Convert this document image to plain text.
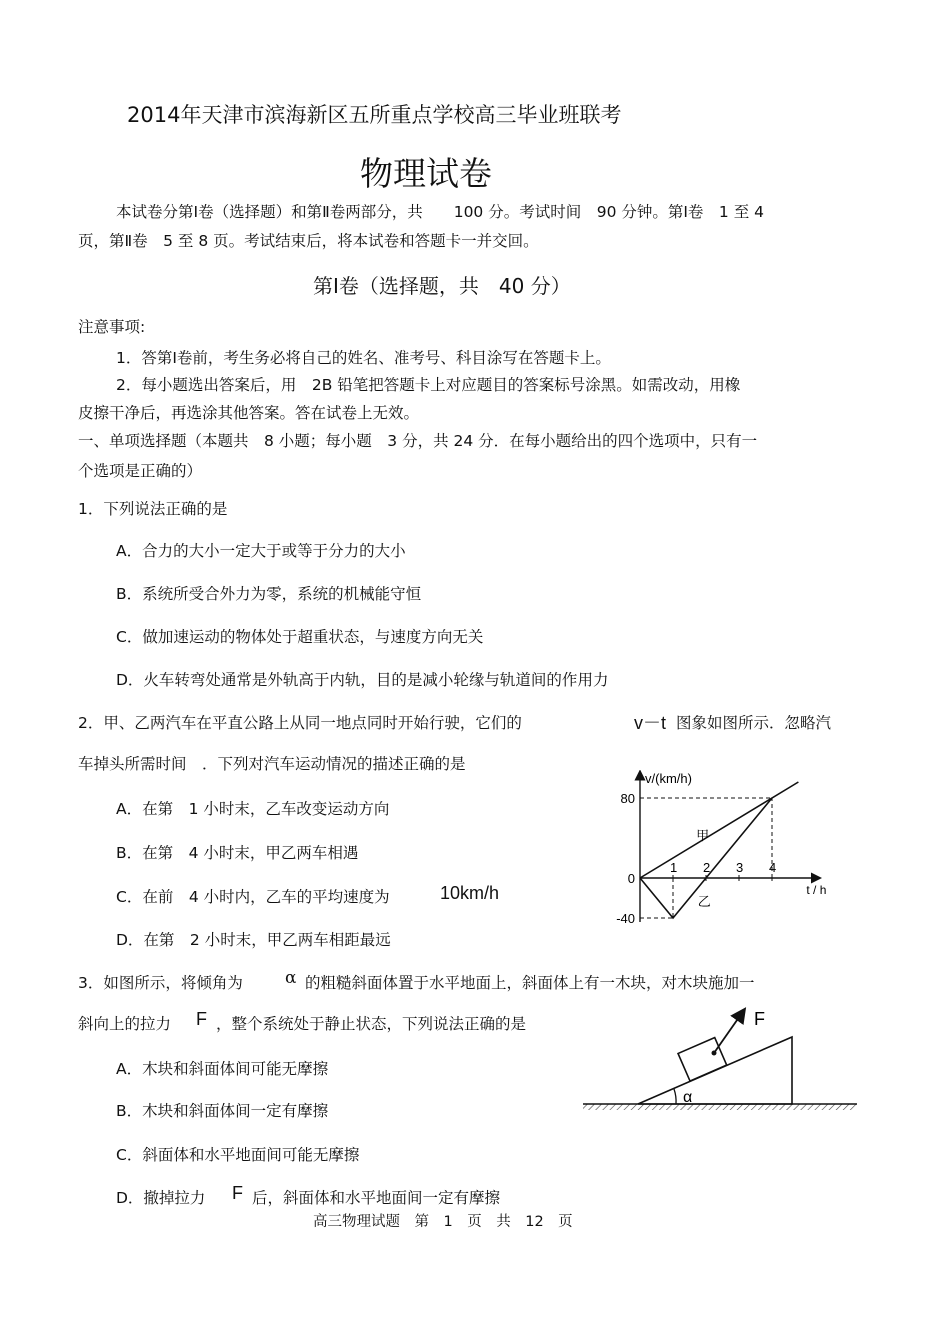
2014年天津市滨海新区五所重点学校高三毕业班联考
物理试卷
本试卷分第Ⅰ卷（选择题）和第Ⅱ卷两部分，共　　100 分。考试时间　90 分钟。第Ⅰ卷　1 至 4
页，第Ⅱ卷　5 至 8 页。考试结束后，将本试卷和答题卡一并交回。
第Ⅰ卷（选择题，共　40 分）
注意事项:
1．答第Ⅰ卷前，考生务必将自己的姓名、准考号、科目涂写在答题卡上。
2．每小题选出答案后，用　2B 铅笔把答题卡上对应题目的答案标号涂黑。如需改动，用橡
皮擦干净后，再选涂其他答案。答在试卷上无效。
一、单项选择题（本题共　8 小题；每小题　3 分，共 24 分．在每小题给出的四个选项中，只有一
个选项是正确的）
1．下列说法正确的是
A．合力的大小一定大于或等于分力的大小
B．系统所受合外力为零，系统的机械能守恒
C．做加速运动的物体处于超重状态，与速度方向无关
D．火车转弯处通常是外轨高于内轨，目的是减小轮缘与轨道间的作用力
2．甲、乙两汽车在平直公路上从同一地点同时开始行驶，它们的	v－t 图象如图所示．忽略汽
车掉头所需时间　．下列对汽车运动情况的描述正确的是
A．在第　1 小时末，乙车改变运动方向
B．在第　4 小时末，甲乙两车相遇
C．在前　4 小时内，乙车的平均速度为	10km/h
D．在第　2 小时末，甲乙两车相距最远
v/(km/h)
t / h
1 2 3 4
80
0
-40
甲
乙
3．如图所示，将倾角为 α 的粗糙斜面体置于水平地面上，斜面体上有一木块，对木块施加一
斜向上的拉力 F ，整个系统处于静止状态，下列说法正确的是
A．木块和斜面体间可能无摩擦
B．木块和斜面体间一定有摩擦
C．斜面体和水平地面间可能无摩擦
D．撤掉拉力 F 后，斜面体和水平地面间一定有摩擦
F
α
高三物理试题　第　1　页　共　12　页
